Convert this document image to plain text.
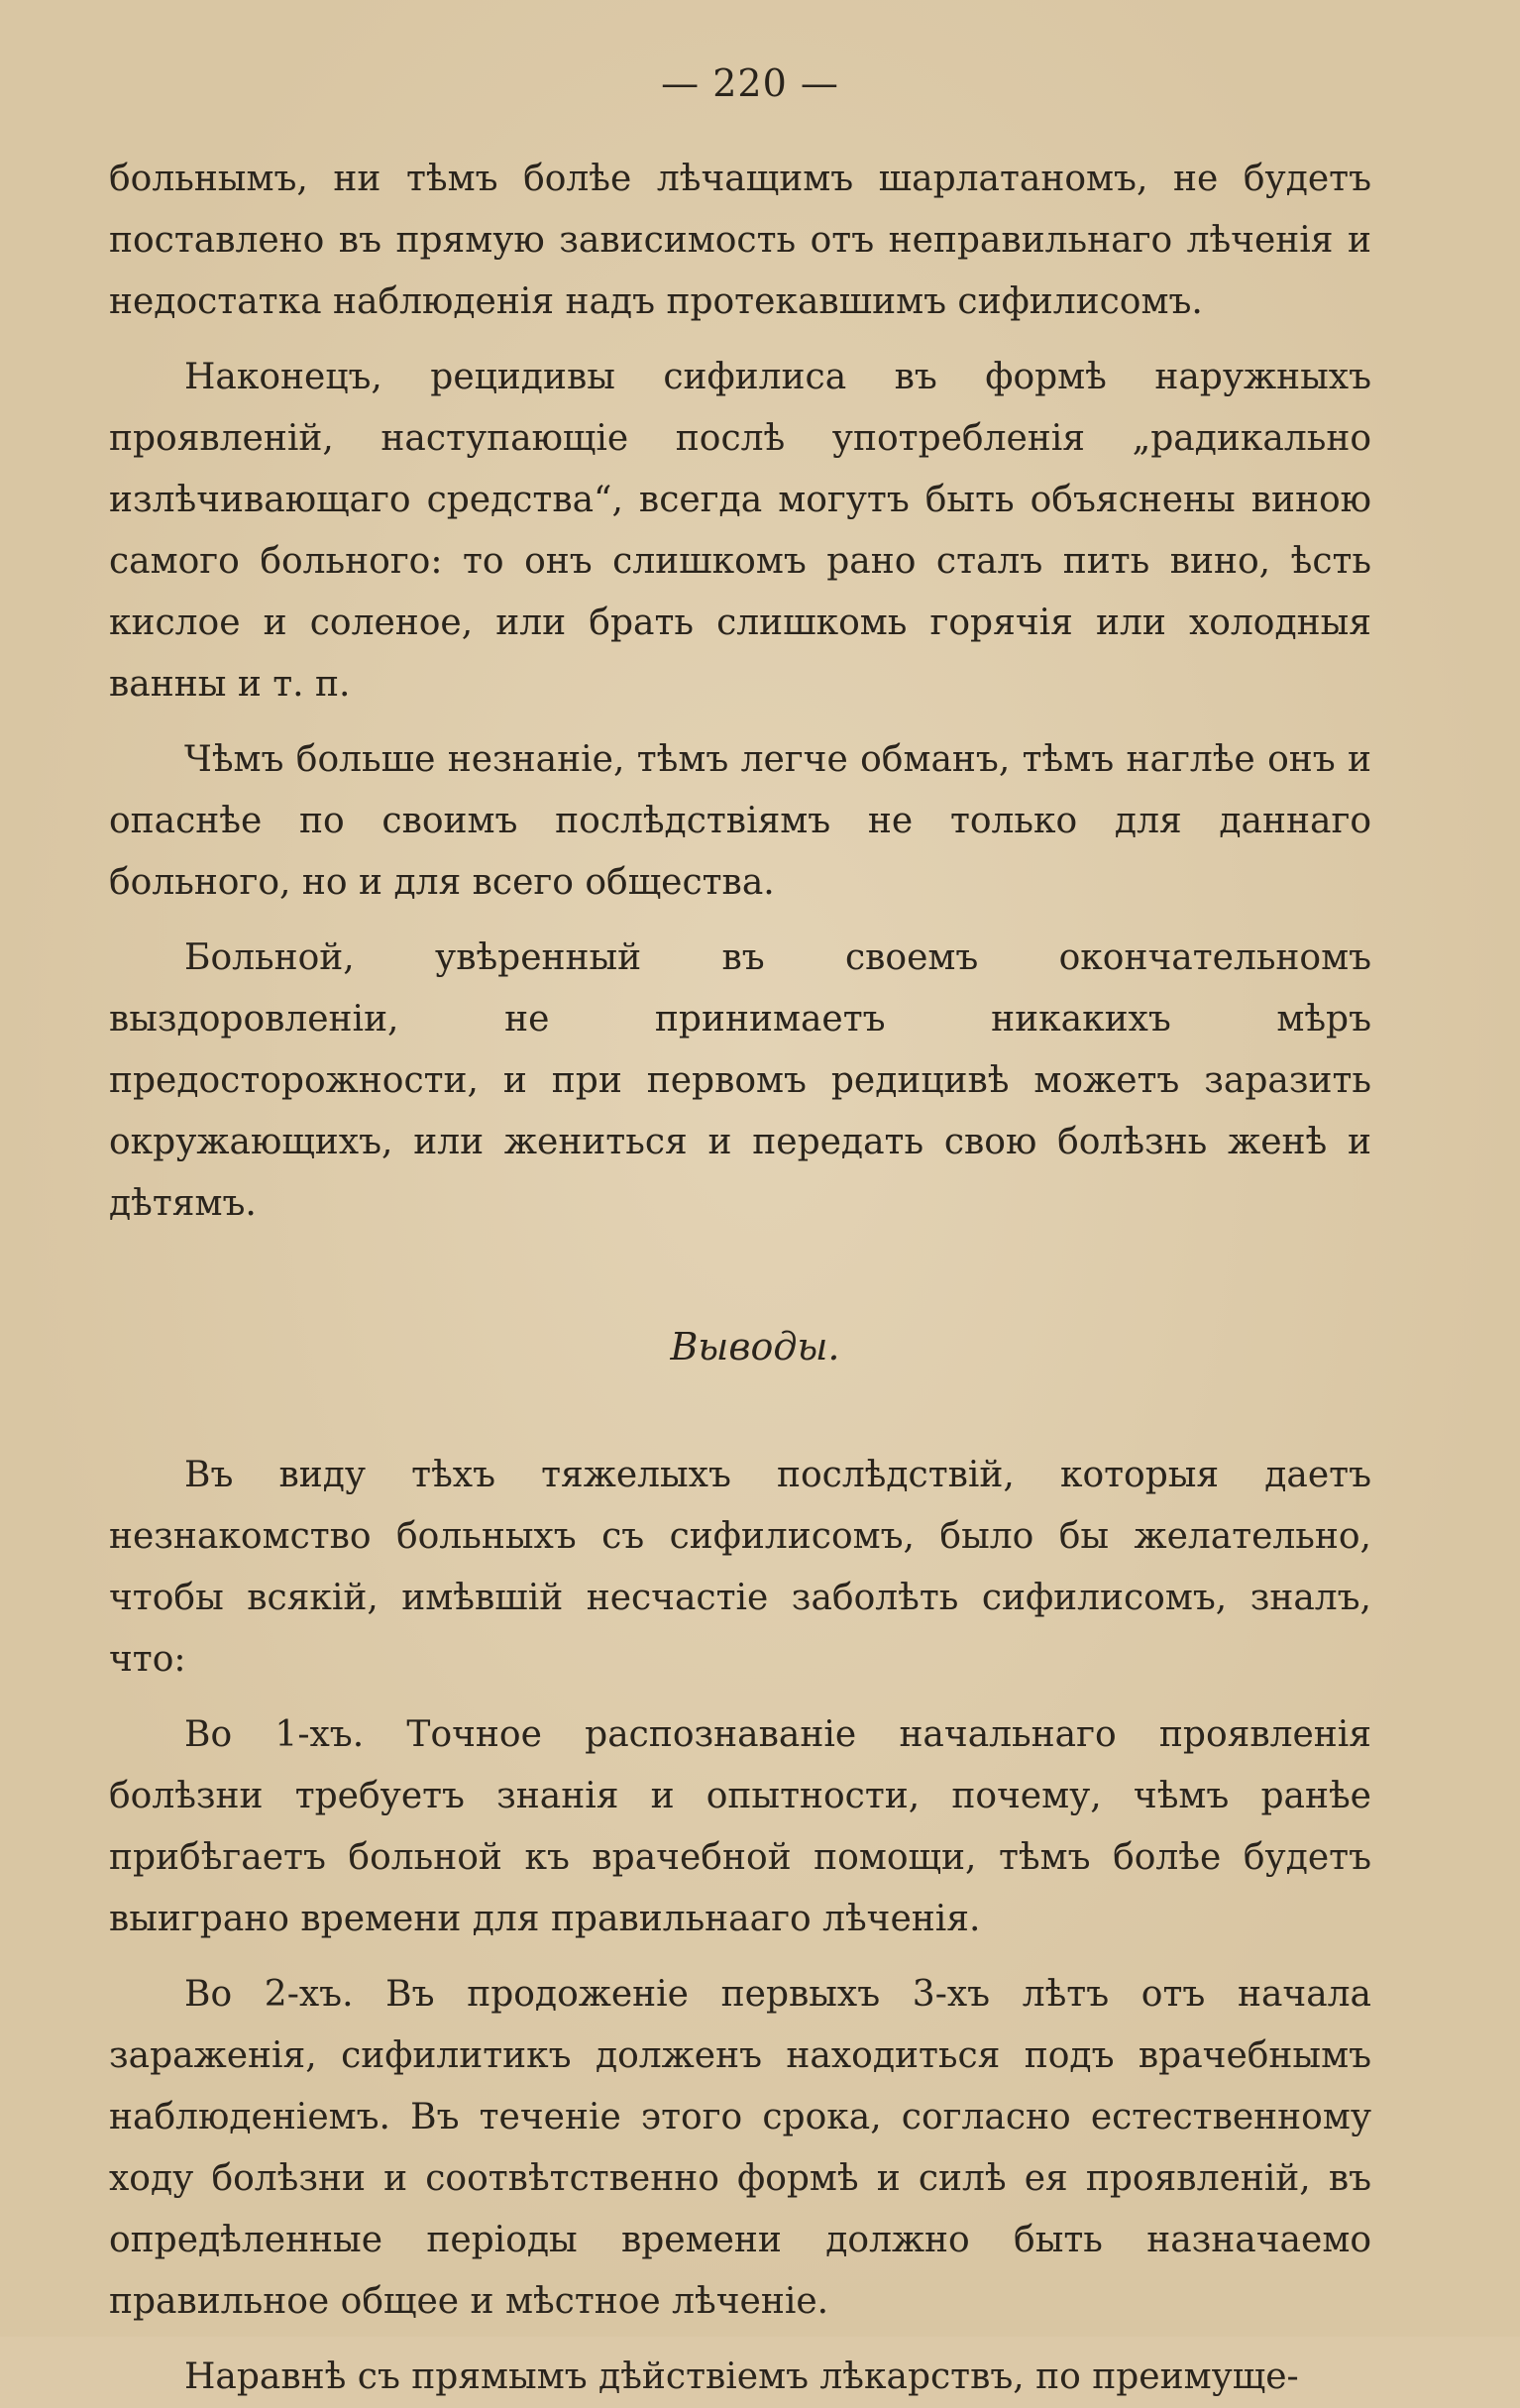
— 220 —

больнымъ, ни тѣмъ болѣе лѣчащимъ шарлатаномъ, не будетъ поставлено въ прямую зависимость отъ неправильнаго лѣченія и недостатка наблюденія надъ протекавшимъ сифилисомъ.

Наконецъ, рецидивы сифилиса въ формѣ наружныхъ проявленій, наступающіе послѣ употребленія „радикально излѣчивающаго средства“, всегда могутъ быть объяснены виною самого больного: то онъ слишкомъ рано сталъ пить вино, ѣсть кислое и соленое, или брать слишкомь горячія или холодныя ванны и т. п.

Чѣмъ больше незнаніе, тѣмъ легче обманъ, тѣмъ наглѣе онъ и опаснѣе по своимъ послѣдствіямъ не только для даннаго больного, но и для всего общества.

Больной, увѣренный въ своемъ окончательномъ выздоровленіи, не принимаетъ никакихъ мѣръ предосторожности, и при первомъ редицивѣ можетъ заразить окружающихъ, или жениться и передать свою болѣзнь женѣ и дѣтямъ.

Выводы.

Въ виду тѣхъ тяжелыхъ послѣдствій, которыя даетъ незнакомство больныхъ съ сифилисомъ, было бы желательно, чтобы всякій, имѣвшій несчастіе заболѣть сифилисомъ, зналъ, что:

Во 1-хъ. Точное распознаваніе начальнаго проявленія болѣзни требуетъ знанія и опытности, почему, чѣмъ ранѣе прибѣгаетъ больной къ врачебной помощи, тѣмъ болѣе будетъ выиграно времени для правильнааго лѣченія.

Во 2-хъ. Въ продоженіе первыхъ 3-хъ лѣтъ отъ начала зараженія, сифилитикъ долженъ находиться подъ врачебнымъ наблюденіемъ. Въ теченіе этого срока, согласно естественному ходу болѣзни и соотвѣтственно формѣ и силѣ ея проявленій, въ опредѣленные періоды времени должно быть назначаемо правильное общее и мѣстное лѣченіе.

Наравнѣ съ прямымъ дѣйствіемъ лѣкарствъ, по преимуще-
